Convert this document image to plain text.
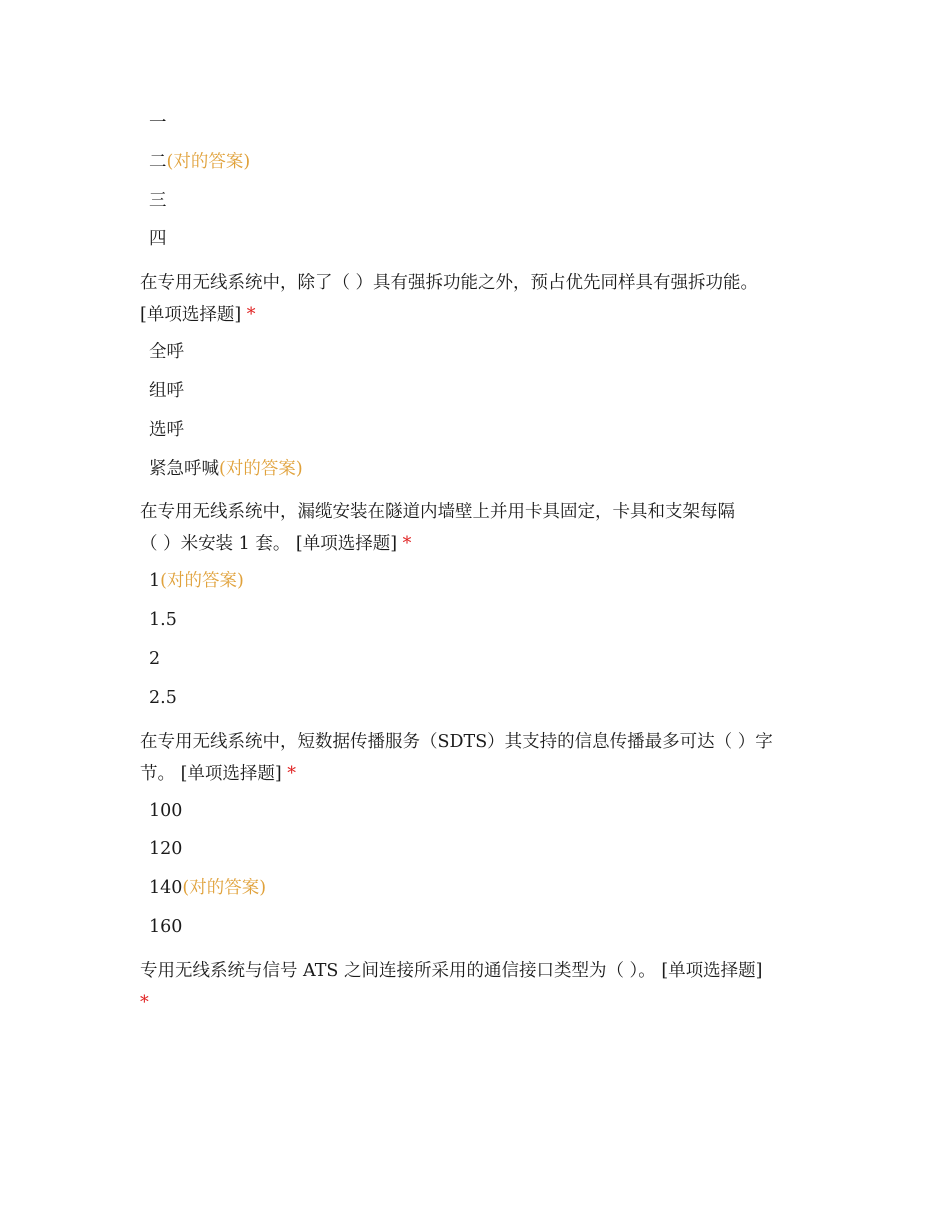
一
二(对的答案)
三
四
在专用无线系统中，除了（ ）具有强拆功能之外，预占优先同样具有强拆功能。
[单项选择题] *
全呼
组呼
选呼
紧急呼喊(对的答案)
在专用无线系统中，漏缆安装在隧道内墙壁上并用卡具固定，卡具和支架每隔
（ ）米安装 1 套。 [单项选择题] *
1(对的答案)
1.5
2
2.5
在专用无线系统中，短数据传播服务（SDTS）其支持的信息传播最多可达（ ）字
节。 [单项选择题] *
100
120
140(对的答案)
160
专用无线系统与信号 ATS 之间连接所采用的通信接口类型为（ ）。 [单项选择题]
*
